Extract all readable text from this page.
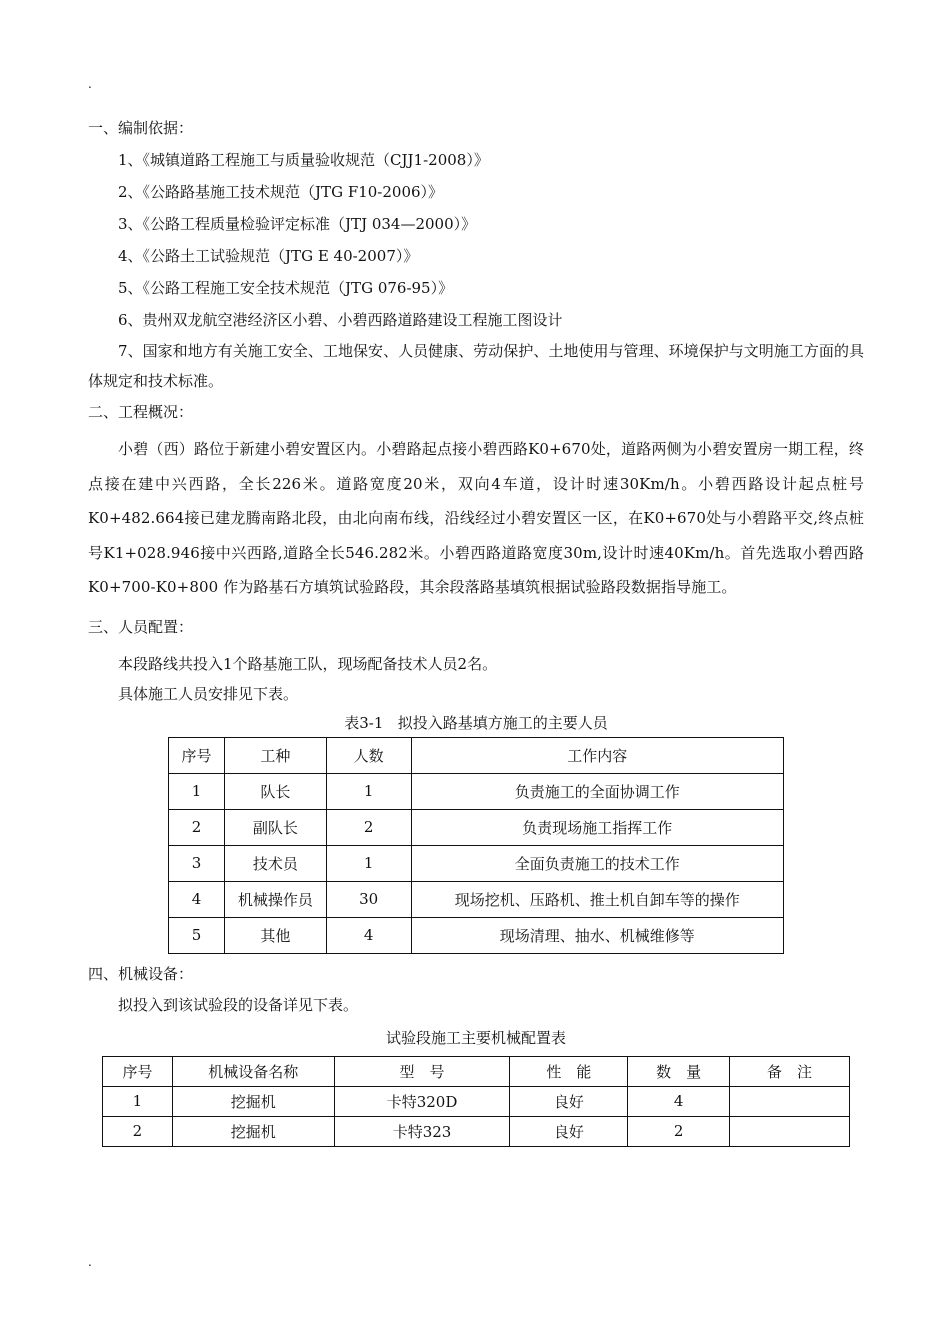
.
一、编制依据：

1、《城镇道路工程施工与质量验收规范（CJJ1-2008）》

2、《公路路基施工技术规范（JTG F10-2006）》

3、《公路工程质量检验评定标准（JTJ 034—2000）》

4、《公路土工试验规范（JTG E 40-2007）》

5、《公路工程施工安全技术规范（JTG 076-95）》

6、贵州双龙航空港经济区小碧、小碧西路道路建设工程施工图设计

7、国家和地方有关施工安全、工地保安、人员健康、劳动保护、土地使用与管理、环境保护与文明施工方面的具体规定和技术标准。

二、工程概况：

小碧（西）路位于新建小碧安置区内。小碧路起点接小碧西路K0+670处，道路两侧为小碧安置房一期工程，终点接在建中兴西路，全长226米。道路宽度20米，双向4车道，设计时速30Km/h。小碧西路设计起点桩号K0+482.664接已建龙腾南路北段，由北向南布线，沿线经过小碧安置区一区，在K0+670处与小碧路平交,终点桩号K1+028.946接中兴西路,道路全长546.282米。小碧西路道路宽度30m,设计时速40Km/h。首先选取小碧西路 K0+700-K0+800 作为路基石方填筑试验路段，其余段落路基填筑根据试验路段数据指导施工。

三、人员配置：

本段路线共投入1个路基施工队，现场配备技术人员2名。

具体施工人员安排见下表。

表3-1   拟投入路基填方施工的主要人员

序号	工种	人数	工作内容
1	队长	1	负责施工的全面协调工作
2	副队长	2	负责现场施工指挥工作
3	技术员	1	全面负责施工的技术工作
4	机械操作员	30	现场挖机、压路机、推土机自卸车等的操作
5	其他	4	现场清理、抽水、机械维修等
四、机械设备：

拟投入到该试验段的设备详见下表。

试验段施工主要机械配置表

序号	机械设备名称	型　号	性　能	数　量	备　注
1	挖掘机	卡特320D	良好	4	
2	挖掘机	卡特323	良好	2	
.
